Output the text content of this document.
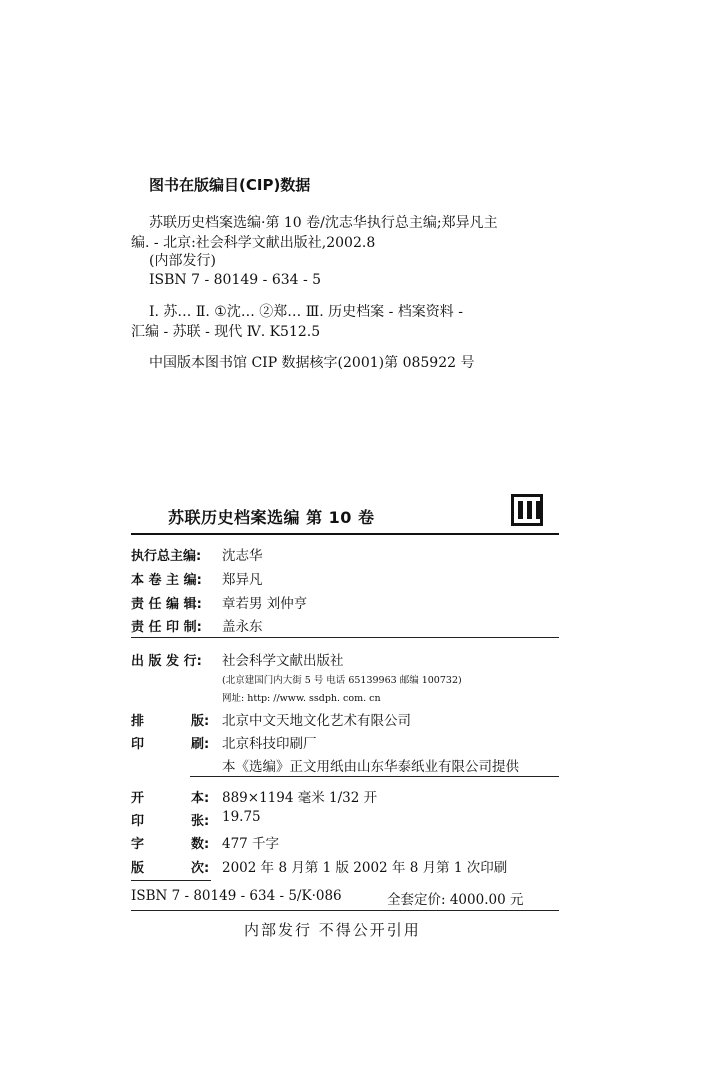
图书在版编目(CIP)数据
苏联历史档案选编·第 10 卷/沈志华执行总主编;郑异凡主
编. - 北京:社会科学文献出版社,2002.8
(内部发行)
ISBN 7 - 80149 - 634 - 5
Ⅰ. 苏… Ⅱ. ①沈… ②郑… Ⅲ. 历史档案 - 档案资料 -
汇编 - 苏联 - 现代 Ⅳ. K512.5
中国版本图书馆 CIP 数据核字(2001)第 085922 号
苏联历史档案选编 第 10 卷
执行总主编: 沈志华
本 卷 主 编: 郑异凡
责 任 编 辑: 章若男 刘仲亨
责 任 印 制: 盖永东
出 版 发 行: 社会科学文献出版社
(北京建国门内大街 5 号 电话 65139963 邮编 100732)
网址: http: //www. ssdph. com. cn
排	版: 北京中文天地文化艺术有限公司
印	刷: 北京科技印刷厂
本《选编》正文用纸由山东华泰纸业有限公司提供
开	本: 889×1194 毫米 1/32 开
印	张: 19.75
字	数: 477 千字
版	次: 2002 年 8 月第 1 版 2002 年 8 月第 1 次印刷
ISBN 7 - 80149 - 634 - 5/K·086	全套定价: 4000.00 元
内部发行 不得公开引用
